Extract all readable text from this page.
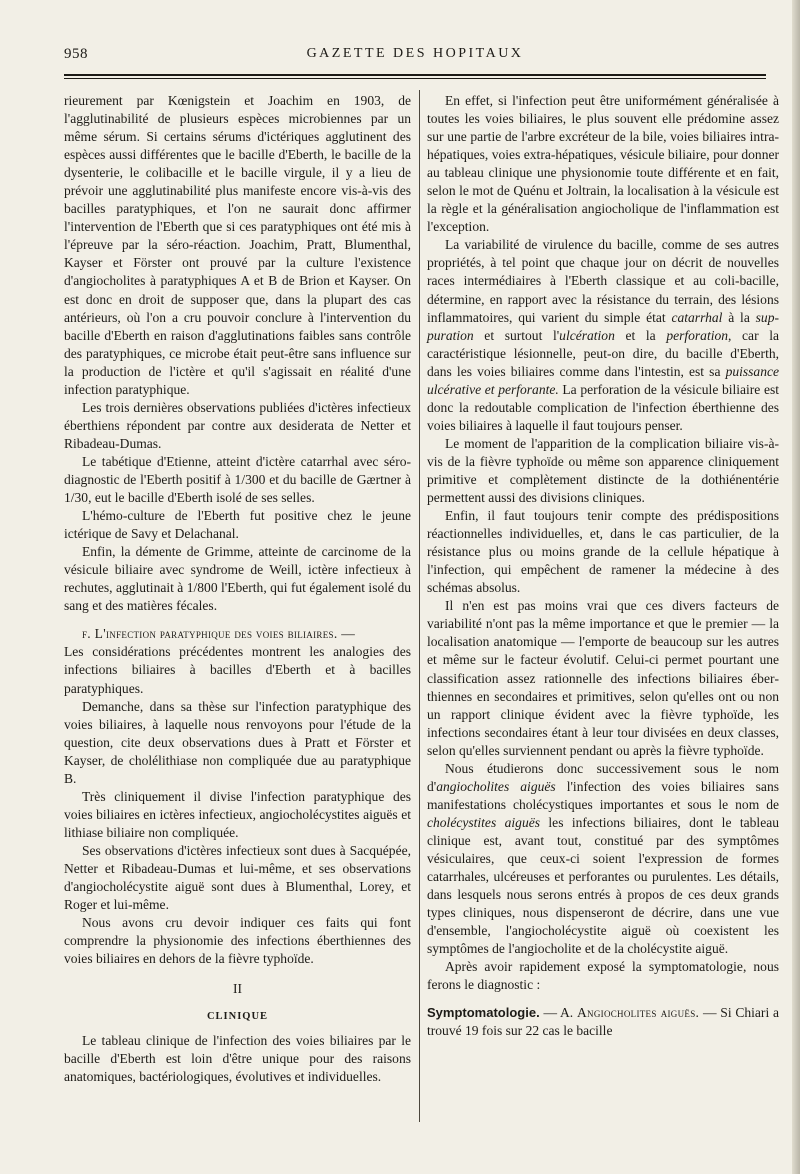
958	GAZETTE DES HOPITAUX

rieurement par Kœnigstein et Joachim en 1903, de l'agglutinabilité de plusieurs espèces microbiennes par un même sérum. Si certains sérums d'ictériques agglutinent des espèces aussi différentes que le bacille d'Eberth, le bacille de la dysenterie, le colibacille et le bacille virgule, il y a lieu de prévoir une agglutinabilité plus manifeste encore vis-à-vis des bacilles paratyphiques, et l'on ne saurait donc affirmer l'intervention de l'Eberth que si ces paratyphiques ont été mis à l'épreuve par la séro-réaction. Joachim, Pratt, Blumenthal, Kayser et Förster ont prouvé par la culture l'existence d'angiocholites à paratyphiques A et B de Brion et Kayser. On est donc en droit de supposer que, dans la plupart des cas antérieurs, où l'on a cru pouvoir conclure à l'intervention du bacille d'Eberth en raison d'agglutinations faibles sans contrôle des paratyphiques, ce microbe était peut-être sans influence sur la production de l'ictère et qu'il s'agissait en réalité d'une infection paratyphique.

Les trois dernières observations publiées d'ictères infectieux éberthiens répondent par contre aux desiderata de Netter et Ribadeau-Dumas.

Le tabétique d'Etienne, atteint d'ictère catarrhal avec séro-diagnostic de l'Eberth positif à 1/300 et du bacille de Gærtner à 1/30, eut le bacille d'Eberth isolé de ses selles.

L'hémo-culture de l'Eberth fut positive chez le jeune ictérique de Savy et Delachanal.

Enfin, la démente de Grimme, atteinte de carcinome de la vésicule biliaire avec syndrome de Weill, ictère infectieux à rechutes, agglutinait à 1/800 l'Eberth, qui fut également isolé du sang et des matières fécales.

f. L'infection paratyphique des voies biliaires. —

Les considérations précédentes montrent les analogies des infections biliaires à bacilles d'Eberth et à bacilles paratyphiques.

Demanche, dans sa thèse sur l'infection paratyphique des voies biliaires, à laquelle nous renvoyons pour l'étude de la question, cite deux observations dues à Pratt et Förster et Kayser, de cholélithiase non compliquée due au paratyphique B.

Très cliniquement il divise l'infection paratyphique des voies biliaires en ictères infectieux, angiocholécystites aiguës et lithiase biliaire non compliquée.

Ses observations d'ictères infectieux sont dues à Sacquépée, Netter et Ribadeau-Dumas et lui-même, et ses observations d'angiocholécystite aiguë sont dues à Blumenthal, Lorey, et Roger et lui-même.

Nous avons cru devoir indiquer ces faits qui font comprendre la physionomie des infections éberthiennes des voies biliaires en dehors de la fièvre typhoïde.

II

CLINIQUE

Le tableau clinique de l'infection des voies biliaires par le bacille d'Eberth est loin d'être unique pour des raisons anatomiques, bactériologiques, évolutives et individuelles.

En effet, si l'infection peut être uniformément généralisée à toutes les voies biliaires, le plus souvent elle prédomine assez sur une partie de l'arbre excréteur de la bile, voies biliaires intra-hépatiques, voies extra-hépatiques, vésicule biliaire, pour donner au tableau clinique une physionomie toute différente et en fait, selon le mot de Quénu et Joltrain, la localisation à la vésicule est la règle et la généralisation angiocholique de l'inflammation est l'exception.

La variabilité de virulence du bacille, comme de ses autres propriétés, à tel point que chaque jour on décrit de nouvelles races intermédiaires à l'Eberth classique et au coli-bacille, détermine, en rapport avec la résistance du terrain, des lésions inflammatoires, qui varient du simple état catarrhal à la suppuration et surtout l'ulcération et la perforation, car la caractéristique lésionnelle, peut-on dire, du bacille d'Eberth, dans les voies biliaires comme dans l'intestin, est sa puissance ulcérative et perforante. La perforation de la vésicule biliaire est donc la redoutable complication de l'infection éberthienne des voies biliaires à laquelle il faut toujours penser.

Le moment de l'apparition de la complication biliaire vis-à-vis de la fièvre typhoïde ou même son apparence cliniquement primitive et complètement distincte de la dothiénentérie permettent aussi des divisions cliniques.

Enfin, il faut toujours tenir compte des prédispositions réactionnelles individuelles, et, dans le cas particulier, de la résistance plus ou moins grande de la cellule hépatique à l'infection, qui empêchent de ramener la médecine à des schémas absolus.

Il n'en est pas moins vrai que ces divers facteurs de variabilité n'ont pas la même importance et que le premier — la localisation anatomique — l'emporte de beaucoup sur les autres et même sur le facteur évolutif. Celui-ci permet pourtant une classification assez rationnelle des infections biliaires éberthiennes en secondaires et primitives, selon qu'elles ont ou non un rapport clinique évident avec la fièvre typhoïde, les infections secondaires étant à leur tour divisées en deux classes, selon qu'elles surviennent pendant ou après la fièvre typhoïde.

Nous étudierons donc successivement sous le nom d'angiocholites aiguës l'infection des voies biliaires sans manifestations cholécystiques importantes et sous le nom de cholécystites aiguës les infections biliaires, dont le tableau clinique est, avant tout, constitué par des symptômes vésiculaires, que ceux-ci soient l'expression de formes catarrhales, ulcéreuses et perforantes ou purulentes. Les détails, dans lesquels nous serons entrés à propos de ces deux grands types cliniques, nous dispenseront de décrire, dans une vue d'ensemble, l'angiocholécystite aiguë où coexistent les symptômes de l'angiocholite et de la cholécystite aiguë.

Après avoir rapidement exposé la symptomatologie, nous ferons le diagnostic :

Symptomatologie. — A. Angiocholites aiguës. — Si Chiari a trouvé 19 fois sur 22 cas le bacille
